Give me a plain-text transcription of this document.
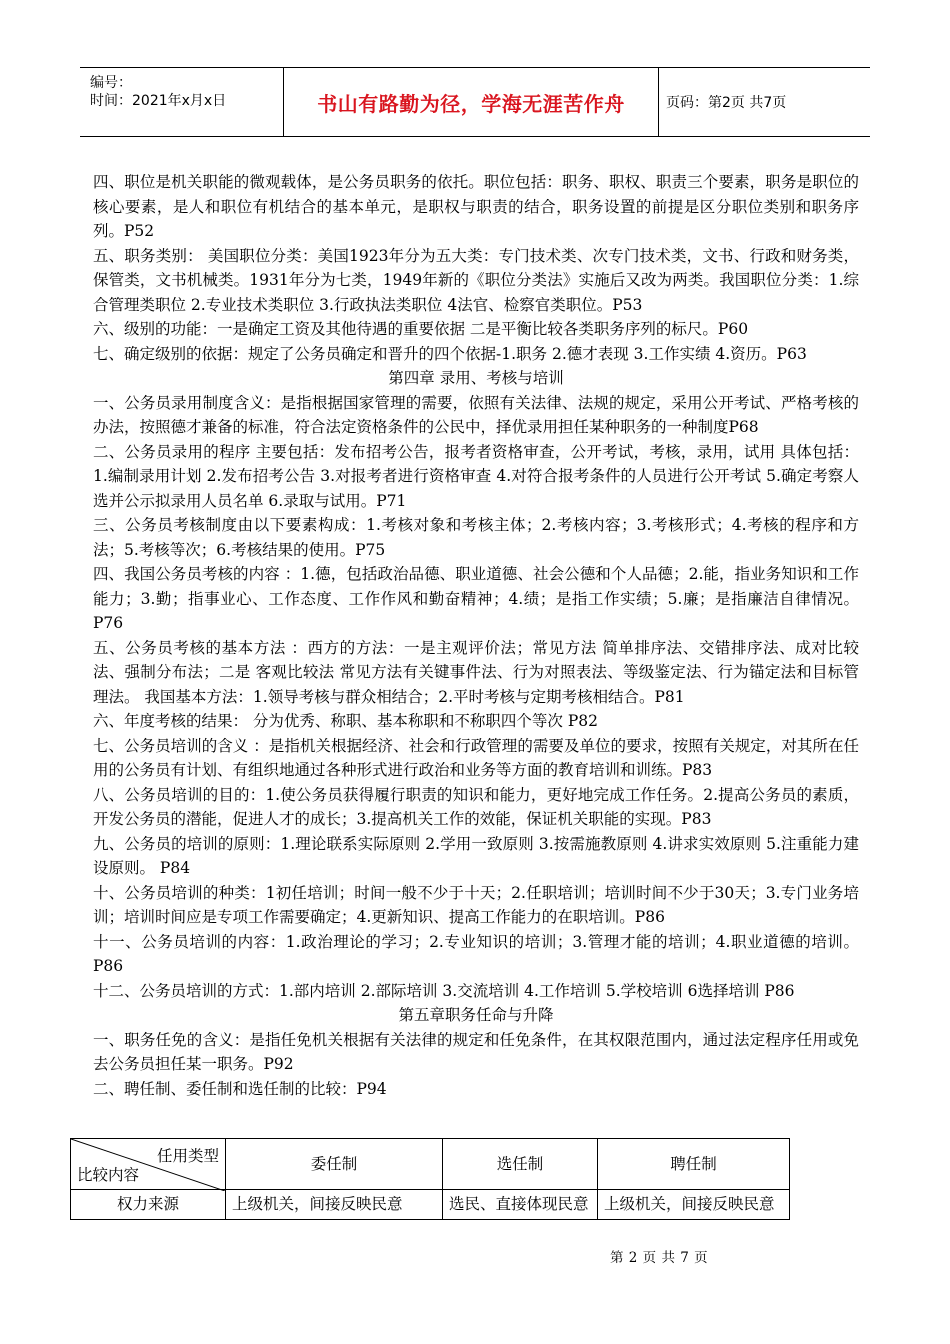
编号：
时间：2021年x月x日	书山有路勤为径，学海无涯苦作舟	页码：第2页 共7页

四、职位是机关职能的微观载体，是公务员职务的依托。职位包括：职务、职权、职责三个要素，职务是职位的核心要素，是人和职位有机结合的基本单元，是职权与职责的结合，职务设置的前提是区分职位类别和职务序列。P52

五、职务类别： 美国职位分类：美国1923年分为五大类：专门技术类、次专门技术类，文书、行政和财务类，保管类，文书机械类。1931年分为七类，1949年新的《职位分类法》实施后又改为两类。我国职位分类：1.综合管理类职位 2.专业技术类职位 3.行政执法类职位 4法官、检察官类职位。P53

六、级别的功能：一是确定工资及其他待遇的重要依据 二是平衡比较各类职务序列的标尺。P60

七、确定级别的依据：规定了公务员确定和晋升的四个依据-1.职务 2.德才表现 3.工作实绩 4.资历。P63

第四章 录用、考核与培训

一、公务员录用制度含义：是指根据国家管理的需要，依照有关法律、法规的规定，采用公开考试、严格考核的办法，按照德才兼备的标准，符合法定资格条件的公民中，择优录用担任某种职务的一种制度P68

二、公务员录用的程序 主要包括：发布招考公告，报考者资格审查，公开考试，考核，录用，试用 具体包括：1.编制录用计划 2.发布招考公告 3.对报考者进行资格审查 4.对符合报考条件的人员进行公开考试 5.确定考察人选并公示拟录用人员名单 6.录取与试用。P71

三、公务员考核制度由以下要素构成：1.考核对象和考核主体；2.考核内容；3.考核形式；4.考核的程序和方法；5.考核等次；6.考核结果的使用。P75

四、我国公务员考核的内容 ：1.德，包括政治品德、职业道德、社会公德和个人品德；2.能，指业务知识和工作能力；3.勤；指事业心、工作态度、工作作风和勤奋精神；4.绩；是指工作实绩；5.廉；是指廉洁自律情况。 P76

五、公务员考核的基本方法 ：西方的方法：一是主观评价法；常见方法 简单排序法、交错排序法、成对比较法、强制分布法；二是 客观比较法 常见方法有关键事件法、行为对照表法、等级鉴定法、行为锚定法和目标管理法。 我国基本方法：1.领导考核与群众相结合；2.平时考核与定期考核相结合。P81

六、年度考核的结果： 分为优秀、称职、基本称职和不称职四个等次 P82

七、公务员培训的含义 ：是指机关根据经济、社会和行政管理的需要及单位的要求，按照有关规定，对其所在任用的公务员有计划、有组织地通过各种形式进行政治和业务等方面的教育培训和训练。P83

八、公务员培训的目的：1.使公务员获得履行职责的知识和能力，更好地完成工作任务。2.提高公务员的素质，开发公务员的潜能，促进人才的成长；3.提高机关工作的效能，保证机关职能的实现。P83

九、公务员的培训的原则：1.理论联系实际原则 2.学用一致原则 3.按需施教原则 4.讲求实效原则 5.注重能力建设原则。 P84

十、公务员培训的种类：1初任培训；时间一般不少于十天；2.任职培训；培训时间不少于30天；3.专门业务培训；培训时间应是专项工作需要确定；4.更新知识、提高工作能力的在职培训。P86

十一、公务员培训的内容：1.政治理论的学习；2.专业知识的培训；3.管理才能的培训；4.职业道德的培训。P86

十二、公务员培训的方式：1.部内培训 2.部际培训 3.交流培训 4.工作培训 5.学校培训 6选择培训 P86

第五章职务任命与升降

一、职务任免的含义：是指任免机关根据有关法律的规定和任免条件，在其权限范围内，通过法定程序任用或免去公务员担任某一职务。P92

二、聘任制、委任制和选任制的比较：P94

任用类型
比较内容	委任制	选任制	聘任制
权力来源	上级机关，间接反映民意	选民、直接体现民意	上级机关，间接反映民意
第 2 页 共 7 页
